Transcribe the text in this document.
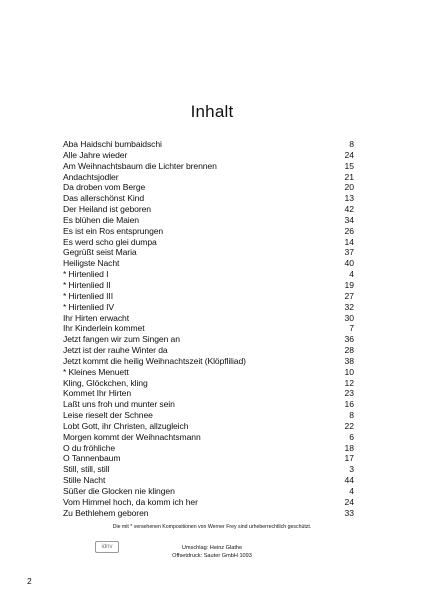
Inhalt
Aba Haidschi bumbaidschi	8
Alle Jahre wieder	24
Am Weihnachtsbaum die Lichter brennen	15
Andachtsjodler	21
Da droben vom Berge	20
Das allerschönst Kind	13
Der Heiland ist geboren	42
Es blühen die Maien	34
Es ist ein Ros entsprungen	26
Es werd scho glei dumpa	14
Gegrüßt seist Maria	37
Heiligste Nacht	40
* Hirtenlied I	4
* Hirtenlied II	19
* Hirtenlied III	27
* Hirtenlied IV	32
Ihr Hirten erwacht	30
Ihr Kinderlein kommet	7
Jetzt fangen wir zum Singen an	36
Jetzt ist der rauhe Winter da	28
Jetzt kommt die heilig Weihnachtszeit (Klöpfliliad)	38
* Kleines Menuett	10
Kling, Glöckchen, kling	12
Kommet Ihr Hirten	23
Laßt uns froh und munter sein	16
Leise rieselt der Schnee	8
Lobt Gott, ihr Christen, allzugleich	22
Morgen kommt der Weihnachtsmann	6
O du fröhliche	18
O Tannenbaum	17
Still, still, still	3
Stille Nacht	44
Süßer die Glocken nie klingen	4
Vom Himmel hoch, da komm ich her	24
Zu Bethlehem geboren	33
Die mit * versehenen Kompositionen von Werner Frey sind urheberrechtlich geschützt.
idnv	Umschlag: Heinz Glathe
Offsetdruck: Sauter GmbH 1093
2
